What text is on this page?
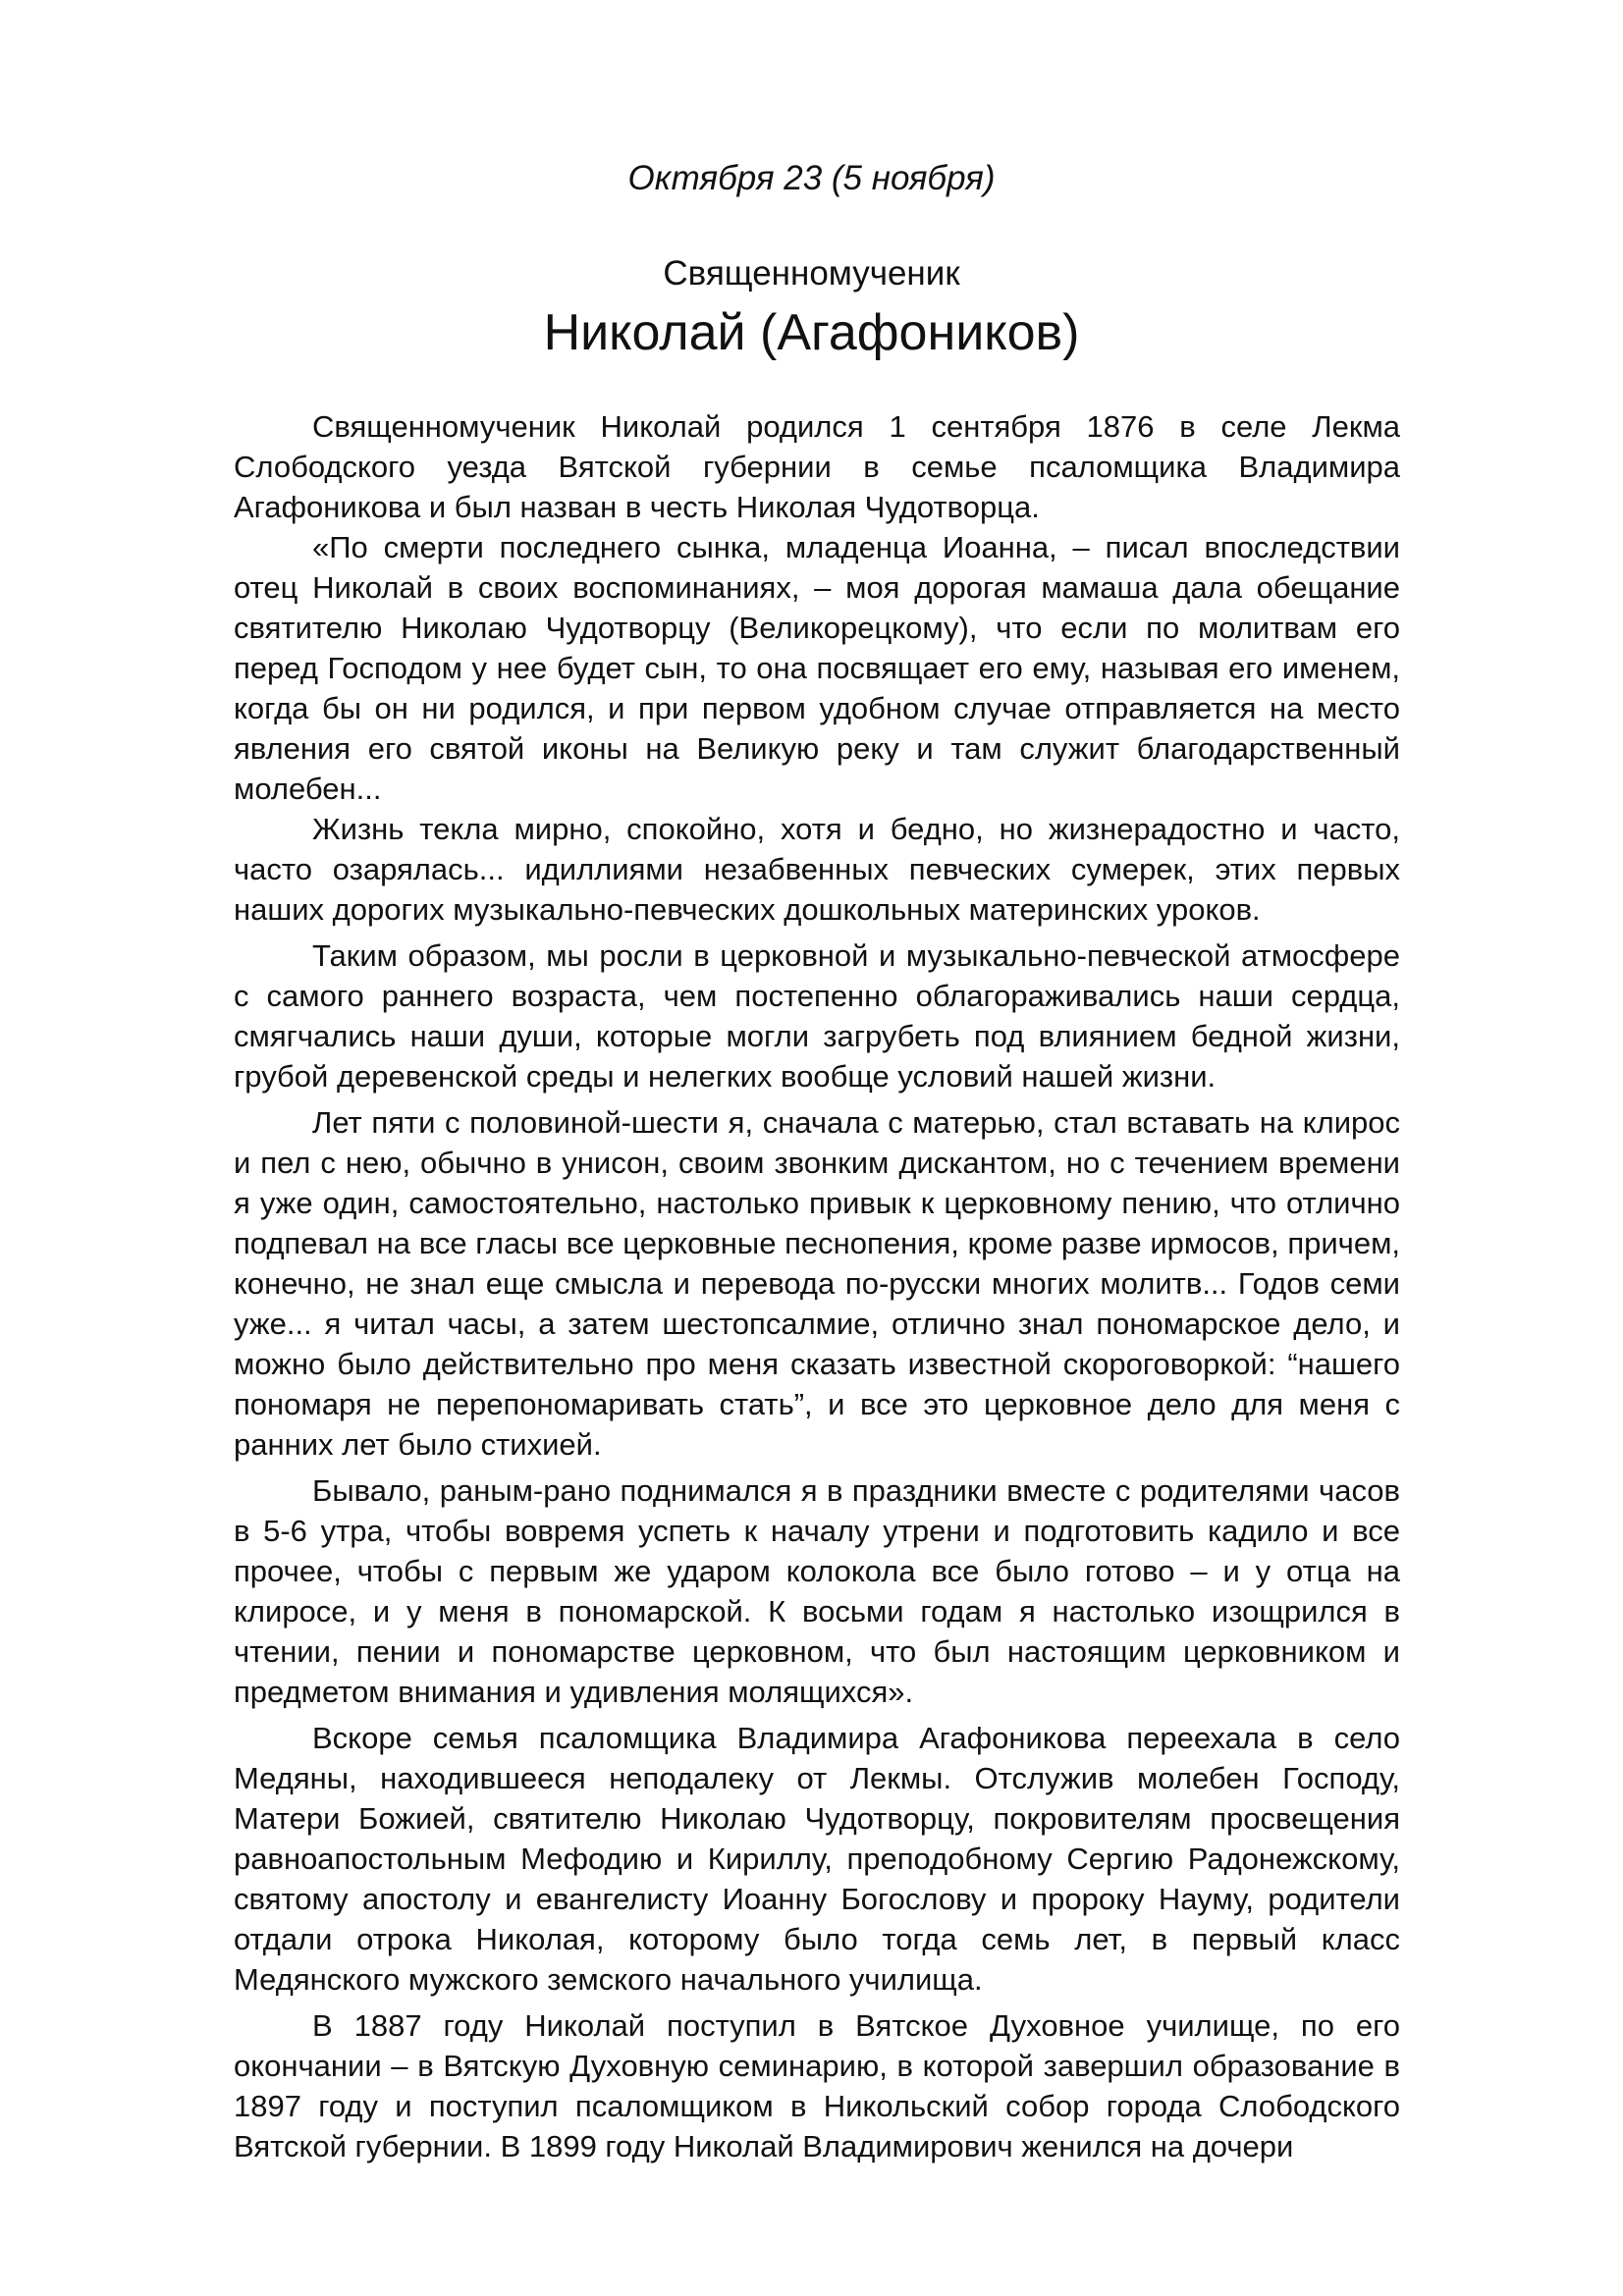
Октября 23 (5 ноября)
Священномученик
Николай (Агафоников)

Священномученик Николай родился 1 сентября 1876 в селе Лекма Слободского уезда Вятской губернии в семье псаломщика Владимира Агафоникова и был назван в честь Николая Чудотворца.

«По смерти последнего сынка, младенца Иоанна, – писал впоследствии отец Николай в своих воспоминаниях, – моя дорогая мамаша дала обещание святителю Николаю Чудотворцу (Великорецкому), что если по молитвам его перед Господом у нее будет сын, то она посвящает его ему, называя его именем, когда бы он ни родился, и при первом удобном случае отправляется на место явления его святой иконы на Великую реку и там служит благодарственный молебен...

Жизнь текла мирно, спокойно, хотя и бедно, но жизнерадостно и часто, часто озарялась... идиллиями незабвенных певческих сумерек, этих первых наших дорогих музыкально-певческих дошкольных материнских уроков.

Таким образом, мы росли в церковной и музыкально-певческой атмосфере с самого раннего возраста, чем постепенно облагораживались наши сердца, смягчались наши души, которые могли загрубеть под влиянием бедной жизни, грубой деревенской среды и нелегких вообще условий нашей жизни.

Лет пяти с половиной-шести я, сначала с матерью, стал вставать на клирос и пел с нею, обычно в унисон, своим звонким дискантом, но с течением времени я уже один, самостоятельно, настолько привык к церковному пению, что отлично подпевал на все гласы все церковные песнопения, кроме разве ирмосов, причем, конечно, не знал еще смысла и перевода по-русски многих молитв... Годов семи уже... я читал часы, а затем шестопсалмие, отлично знал пономарское дело, и можно было действительно про меня сказать известной скороговоркой: “нашего пономаря не перепономаривать стать”, и все это церковное дело для меня с ранних лет было стихией.

Бывало, раным-рано поднимался я в праздники вместе с родителями часов в 5-6 утра, чтобы вовремя успеть к началу утрени и подготовить кадило и все прочее, чтобы с первым же ударом колокола все было готово – и у отца на клиросе, и у меня в пономарской. К восьми годам я настолько изощрился в чтении, пении и пономарстве церковном, что был настоящим церковником и предметом внимания и удивления молящихся».

Вскоре семья псаломщика Владимира Агафоникова переехала в село Медяны, находившееся неподалеку от Лекмы. Отслужив молебен Господу, Матери Божией, святителю Николаю Чудотворцу, покровителям просвещения равноапостольным Мефодию и Кириллу, преподобному Сергию Радонежскому, святому апостолу и евангелисту Иоанну Богослову и пророку Науму, родители отдали отрока Николая, которому было тогда семь лет, в первый класс Медянского мужского земского начального училища.

В 1887 году Николай поступил в Вятское Духовное училище, по его окончании – в Вятскую Духовную семинарию, в которой завершил образование в 1897 году и поступил псаломщиком в Никольский собор города Слободского Вятской губернии. В 1899 году Николай Владимирович женился на дочери
